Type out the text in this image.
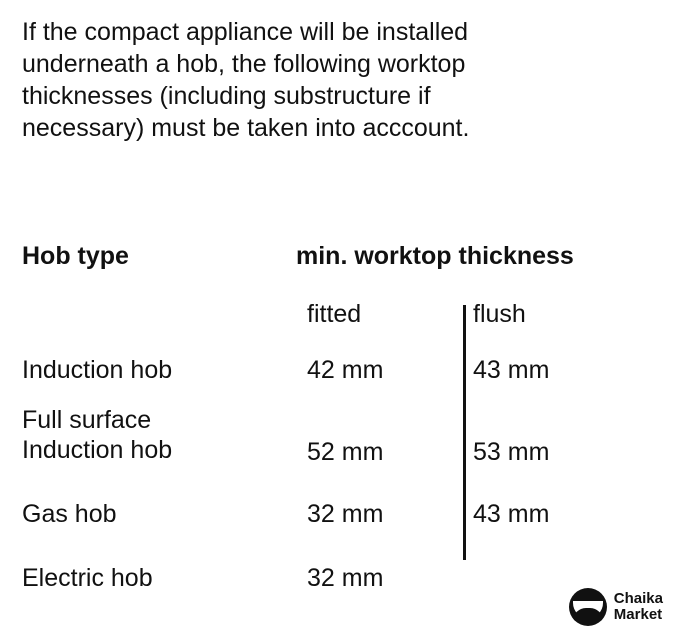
If the compact appliance will be installed
underneath a hob, the following worktop
thicknesses (including substructure if
necessary) must be taken into acccount.
Hob type	min. worktop thickness
fitted	flush
Induction hob	42 mm	43 mm
Full surface
Induction hob	52 mm	53 mm
Gas hob	32 mm	43 mm
Electric hob	32 mm
Chaika
Market
